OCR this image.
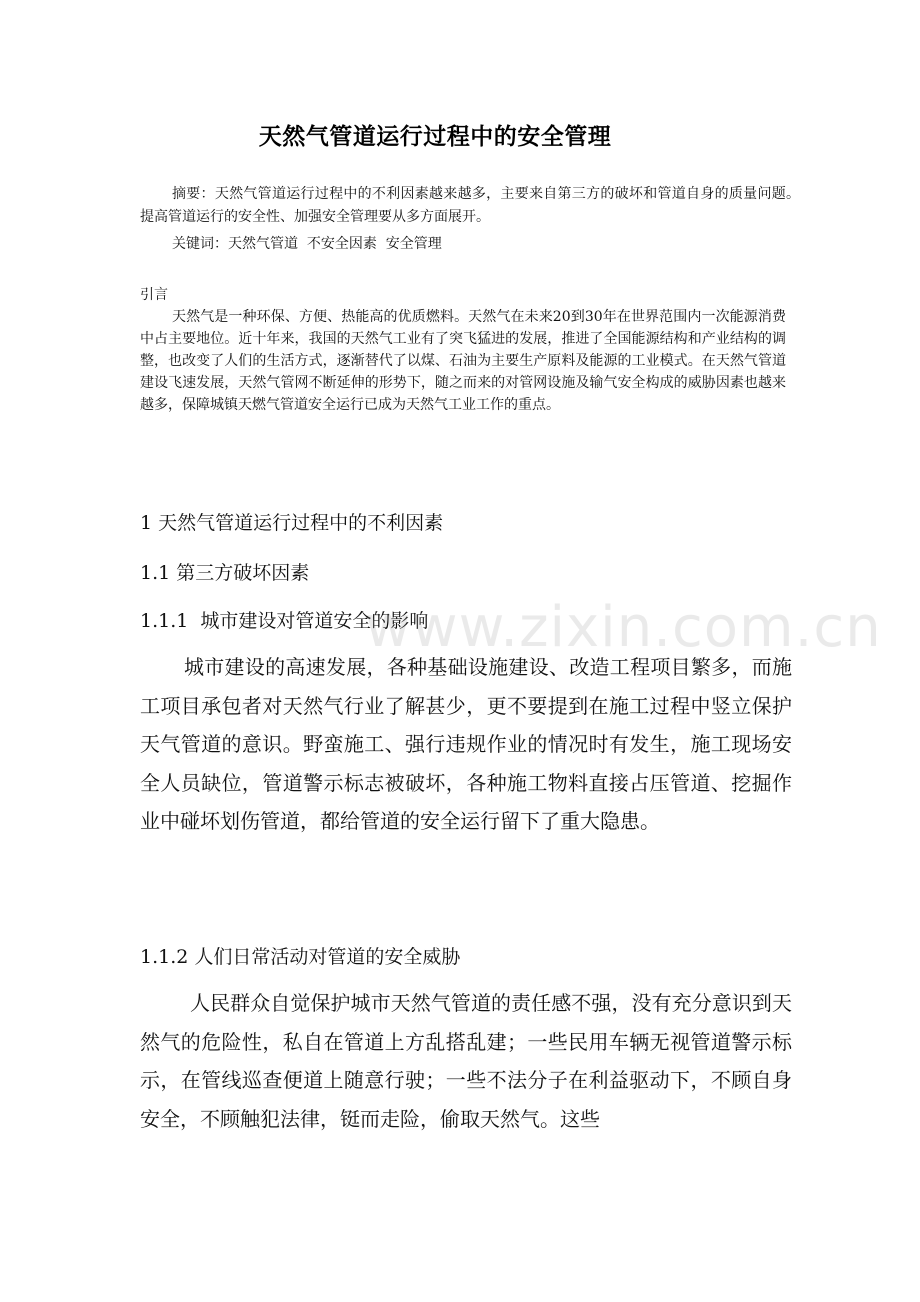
天然气管道运行过程中的安全管理

摘要：天然气管道运行过程中的不利因素越来越多，主要来自第三方的破坏和管道自身的质量问题。提高管道运行的安全性、加强安全管理要从多方面展开。

关键词：天然气管道  不安全因素  安全管理
引言

天然气是一种环保、方便、热能高的优质燃料。天然气在未来20到30年在世界范围内一次能源消费中占主要地位。近十年来，我国的天然气工业有了突飞猛进的发展，推进了全国能源结构和产业结构的调整，也改变了人们的生活方式，逐渐替代了以煤、石油为主要生产原料及能源的工业模式。在天然气管道建设飞速发展，天然气管网不断延伸的形势下，随之而来的对管网设施及输气安全构成的威胁因素也越来越多，保障城镇天燃气管道安全运行已成为天然气工业工作的重点。

1 天然气管道运行过程中的不利因素
1.1 第三方破坏因素
1.1.1  城市建设对管道安全的影响

城市建设的高速发展，各种基础设施建设、改造工程项目繁多，而施工项目承包者对天然气行业了解甚少，更不要提到在施工过程中竖立保护天气管道的意识。野蛮施工、强行违规作业的情况时有发生，施工现场安全人员缺位，管道警示标志被破坏，各种施工物料直接占压管道、挖掘作业中碰坏划伤管道，都给管道的安全运行留下了重大隐患。

1.1.2 人们日常活动对管道的安全威胁

人民群众自觉保护城市天然气管道的责任感不强，没有充分意识到天然气的危险性，私自在管道上方乱搭乱建；一些民用车辆无视管道警示标示，在管线巡查便道上随意行驶；一些不法分子在利益驱动下，不顾自身安全，不顾触犯法律，铤而走险，偷取天然气。这些

www.zixin.com.cn
